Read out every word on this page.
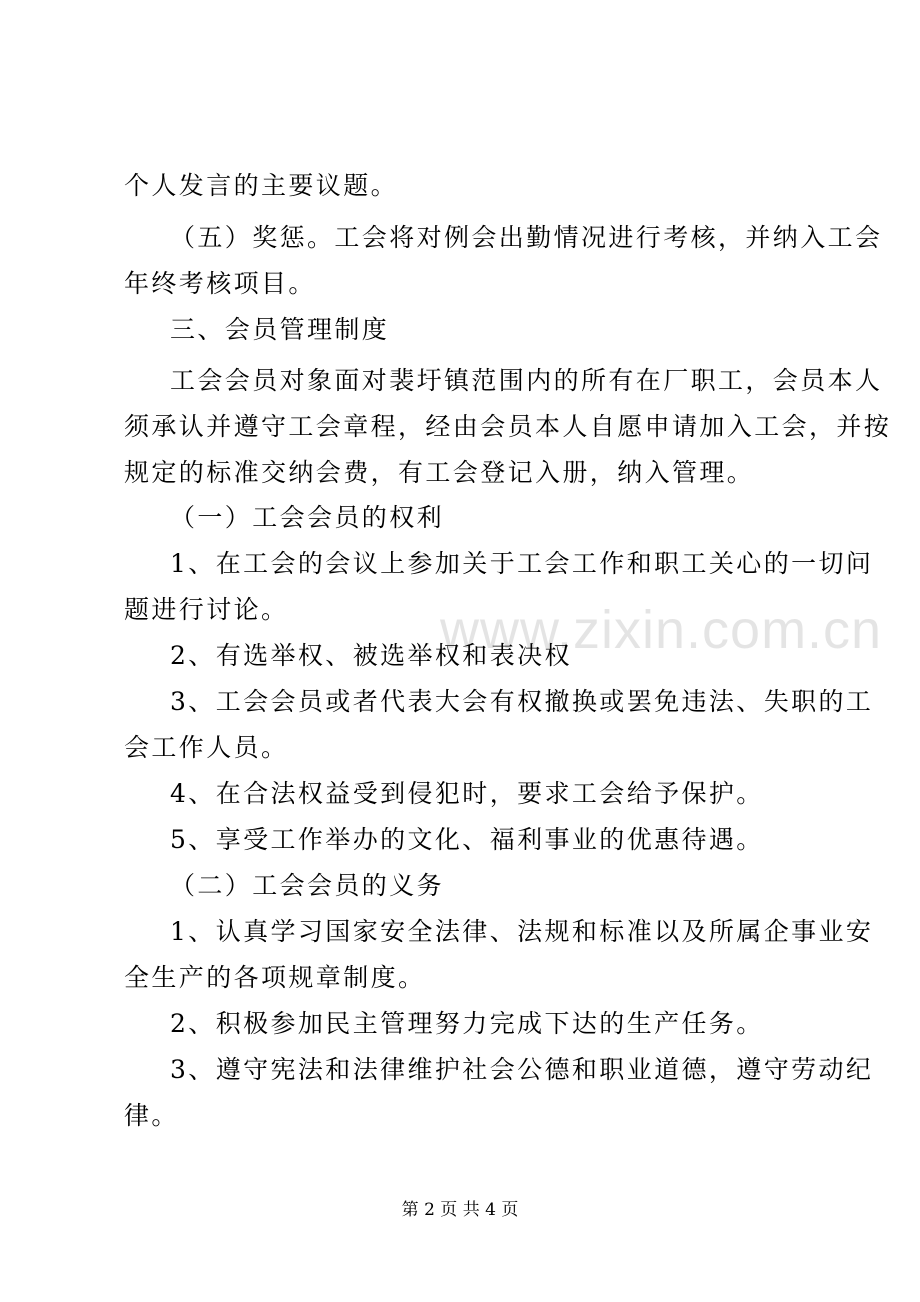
个人发言的主要议题。
（五）奖惩。工会将对例会出勤情况进行考核，并纳入工会
年终考核项目。
三、会员管理制度
工会会员对象面对裴圩镇范围内的所有在厂职工，会员本人
须承认并遵守工会章程，经由会员本人自愿申请加入工会，并按
规定的标准交纳会费，有工会登记入册，纳入管理。
（一）工会会员的权利
1、在工会的会议上参加关于工会工作和职工关心的一切问
题进行讨论。
2、有选举权、被选举权和表决权
3、工会会员或者代表大会有权撤换或罢免违法、失职的工
会工作人员。
4、在合法权益受到侵犯时，要求工会给予保护。
5、享受工作举办的文化、福利事业的优惠待遇。
（二）工会会员的义务
1、认真学习国家安全法律、法规和标准以及所属企事业安
全生产的各项规章制度。
2、积极参加民主管理努力完成下达的生产任务。
3、遵守宪法和法律维护社会公德和职业道德，遵守劳动纪
律。
www.zixin.com.cn
第 2 页 共 4 页
